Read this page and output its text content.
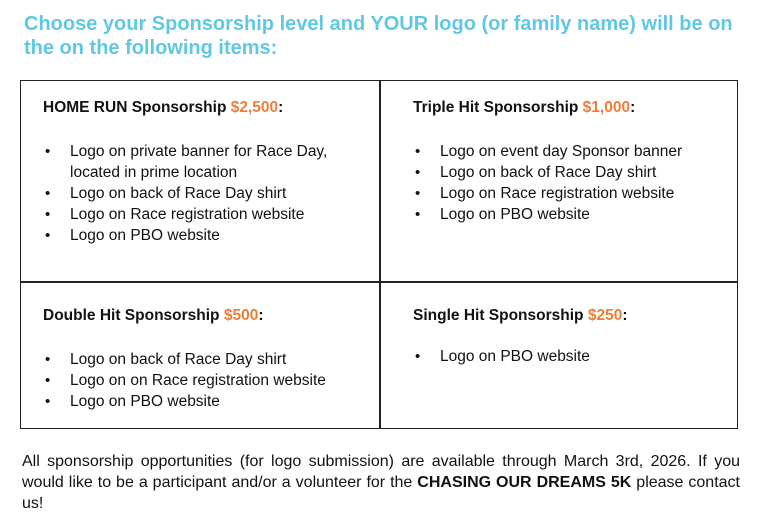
Choose your Sponsorship level and YOUR logo (or family name) will be on the on the following items:
HOME RUN Sponsorship $2,500:
• Logo on private banner for Race Day, located in prime location
• Logo on back of Race Day shirt
• Logo on Race registration website
• Logo on PBO website
Triple Hit Sponsorship $1,000:
• Logo on event day Sponsor banner
• Logo on back of Race Day shirt
• Logo on Race registration website
• Logo on PBO website
Double Hit Sponsorship $500:
• Logo on back of Race Day shirt
• Logo on on Race registration website
• Logo on PBO website
Single Hit Sponsorship $250:
• Logo on PBO website
All sponsorship opportunities (for logo submission) are available through March 3rd, 2026. If you would like to be a participant and/or a volunteer for the CHASING OUR DREAMS 5K please contact us!
